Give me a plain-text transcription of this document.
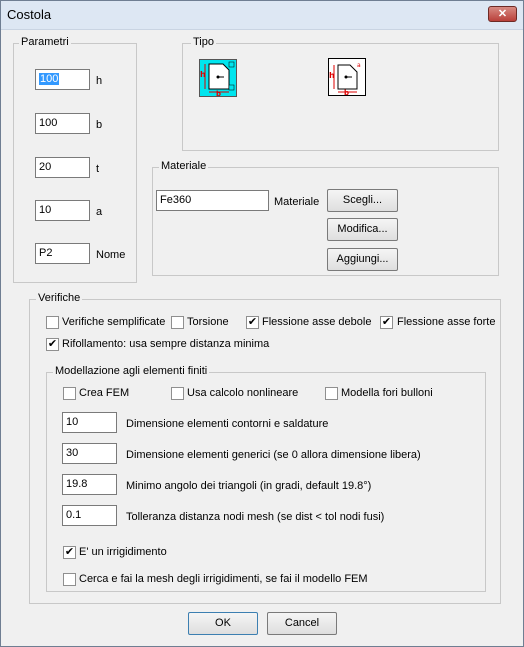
Costola	✕
Parametri
100	h
100	b
20	t
10	a
P2	Nome
Tipo
h
b
h
b
a
Materiale
Fe360	Materiale	Scegli...
Modifica...
Aggiungi...
Verifiche
Verifiche semplificate Torsione ✔ Flessione asse debole ✔ Flessione asse forte
✔ Rifollamento: usa sempre distanza minima
Modellazione agli elementi finiti
Crea FEM	Usa calcolo nonlineare	Modella fori bulloni
10	Dimensione elementi contorni e saldature
30	Dimensione elementi generici (se 0 allora dimensione libera)
19.8	Minimo angolo dei triangoli (in gradi, default 19.8°)
0.1	Tolleranza distanza nodi mesh (se dist < tol nodi fusi)
✔ E' un irrigidimento
Cerca e fai la mesh degli irrigidimenti, se fai il modello FEM
OK	Cancel
